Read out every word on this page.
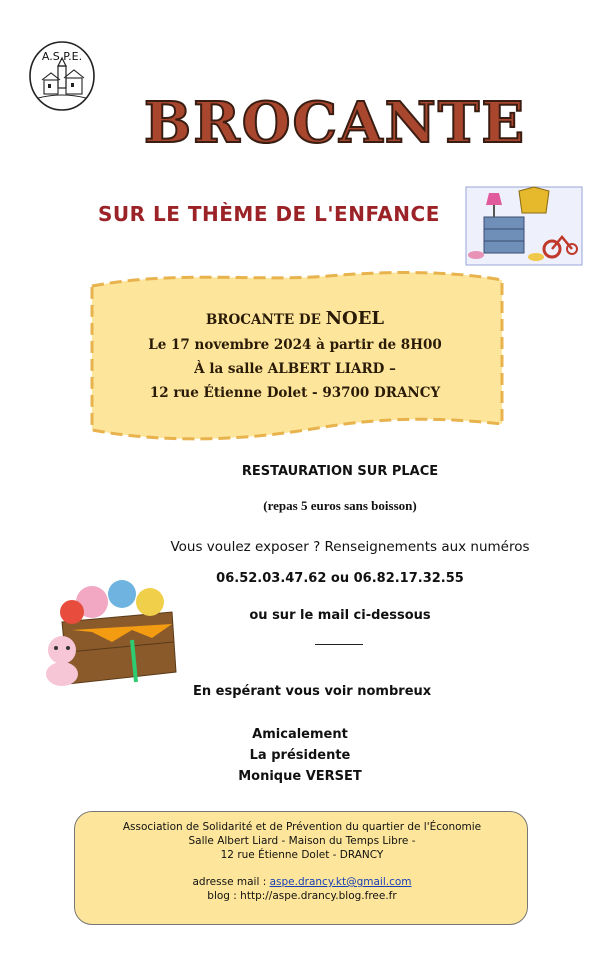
A.S.P.E.
BROCANTE
SUR LE THÈME DE L'ENFANCE
BROCANTE DE NOEL
Le 17 novembre 2024 à partir de 8H00
À la salle ALBERT LIARD –
12 rue Étienne Dolet - 93700 DRANCY
RESTAURATION SUR PLACE
(repas 5 euros sans boisson)
Vous voulez exposer ? Renseignements aux numéros
06.52.03.47.62 ou 06.82.17.32.55
ou sur le mail ci-dessous
En espérant vous voir nombreux
Amicalement
La présidente
Monique VERSET
Association de Solidarité et de Prévention du quartier de l'Économie
Salle Albert Liard - Maison du Temps Libre -
12 rue Étienne Dolet - DRANCY
adresse mail : aspe.drancy.kt@gmail.com
blog : http://aspe.drancy.blog.free.fr
